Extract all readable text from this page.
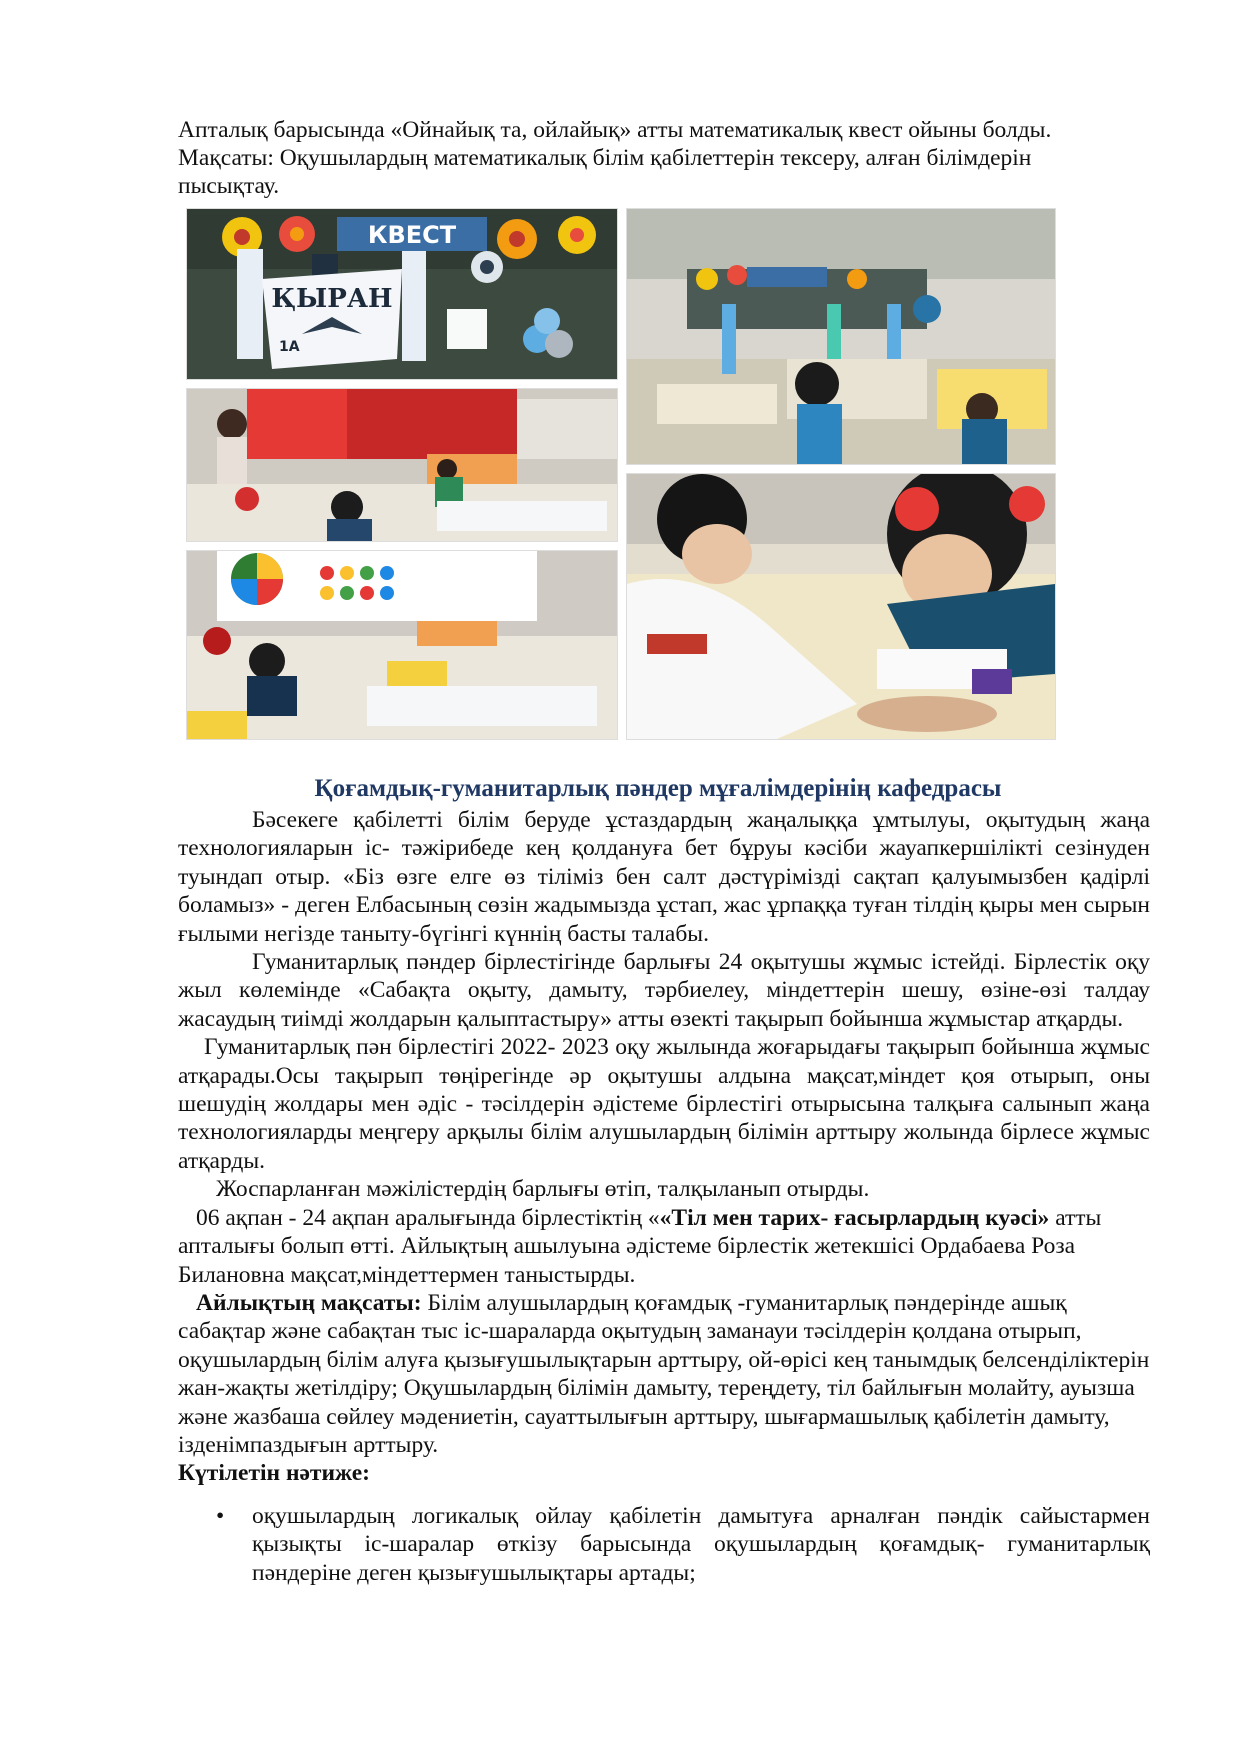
Апталық барысында «Ойнайық та, ойлайық» атты математикалық квест ойыны болды.

Мақсаты: Оқушылардың математикалық білім қабілеттерін тексеру, алған білімдерін пысықтау.

КВЕСТ
ҚЫРАН
1А
Қоғамдық-гуманитарлық пәндер мұғалімдерінің кафедрасы

Бәсекеге қабілетті білім беруде ұстаздардың жаңалыққа ұмтылуы, оқытудың жаңа технологияларын іс- тәжірибеде кең қолдануға бет бұруы кәсіби жауапкершілікті сезінуден туындап отыр. «Біз өзге елге өз тіліміз бен салт дәстүрімізді сақтап қалуымызбен қадірлі боламыз» - деген Елбасының сөзін жадымызда ұстап, жас ұрпаққа туған тілдің қыры мен сырын ғылыми негізде таныту-бүгінгі күннің басты талабы.

Гуманитарлық пәндер бірлестігінде барлығы 24 оқытушы жұмыс істейді. Бірлестік оқу жыл көлемінде «Сабақта оқыту, дамыту, тәрбиелеу, міндеттерін шешу, өзіне-өзі талдау жасаудың тиімді жолдарын қалыптастыру» атты өзекті тақырып бойынша жұмыстар атқарды.

Гуманитарлық пән бірлестігі 2022- 2023 оқу жылында жоғарыдағы тақырып бойынша жұмыс атқарады.Осы тақырып төңірегінде әр оқытушы алдына мақсат,міндет қоя отырып, оны шешудің жолдары мен әдіс - тәсілдерін әдістеме бірлестігі отырысына талқыға салынып жаңа технологияларды меңгеру арқылы білім алушылардың білімін арттыру жолында бірлесе жұмыс атқарды.

Жоспарланған мәжілістердің барлығы өтіп, талқыланып отырды.

06 ақпан - 24 ақпан аралығында бірлестіктің ««Тіл мен тарих- ғасырлардың куәсі» атты апталығы болып өтті. Айлықтың ашылуына әдістеме бірлестік жетекшісі Ордабаева Роза Билановна мақсат,міндеттермен таныстырды.

Айлықтың мақсаты: Білім алушылардың қоғамдық -гуманитарлық пәндерінде ашық сабақтар және сабақтан тыс іс-шараларда оқытудың заманауи тәсілдерін қолдана отырып, оқушылардың білім алуға қызығушылықтарын арттыру, ой-өрісі кең танымдық белсенділіктерін жан-жақты жетілдіру; Оқушылардың білімін дамыту, тереңдету, тіл байлығын молайту, ауызша және жазбаша сөйлеу мәдениетін, сауаттылығын арттыру, шығармашылық қабілетін дамыту, ізденімпаздығын арттыру.

Күтілетін нәтиже:

• оқушылардың логикалық ойлау қабілетін дамытуға арналған пәндік сайыстармен қызықты іс-шаралар өткізу барысында оқушылардың қоғамдық- гуманитарлық пәндеріне деген қызығушылықтары артады;
